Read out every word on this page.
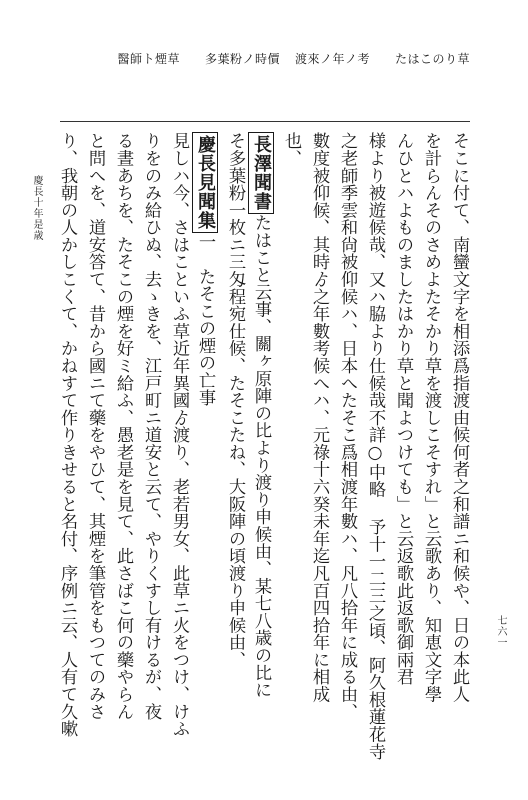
たはこのり草
渡來ノ年ノ考
多葉粉ノ時價
醫師ト煙草
そこに付て、南蠻文字を相添爲指渡由候何者之和譜ニ和候や、日の本此人
を計らんそのさめよたそかり草を渡しこそすれ」と云歌あり、知恵文字學
んひとハよものましたはかり草と聞よつけても」と云返歌此返歌御兩君
様より被遊候哉、又ハ脇より仕候哉不詳○中略 予十一二三之頃、阿久根蓮花寺
之老師季雲和尙被仰候ハ、日本へたそこ爲相渡年數ハ、凡八拾年に成る由、
數度被仰候、其時ゟ之年數考候へハ、元祿十六癸未年迄凡百四拾年に相成
也、
長澤聞書たはこと云事、關ヶ原陣の比より渡り申候由、某七八歳の比に
そ多葉粉一枚ニ三匁程宛仕候、たそこたね、大阪陣の頃渡り申候由、
慶長見聞集一　たそこの煙の亡事
見しハ今、さはこといふ草近年異國ゟ渡り、老若男女、此草ニ火をつけ、けふ
りをのみ給ひぬ、去ゝきを、江戸町ニ道安と云て、やりくすし有けるが、夜
る晝あちを、たそこの煙を好ミ給ふ、愚老是を見て、此さばこ何の藥やらん
と問へを、道安答て、昔から國ニて藥をやひて、其煙を筆管をもつてのみさ
り、我朝の人かしこくて、かねすて作りきせると名付、序例ニ云、人有て久嗽
慶長十年是歳
七六一
